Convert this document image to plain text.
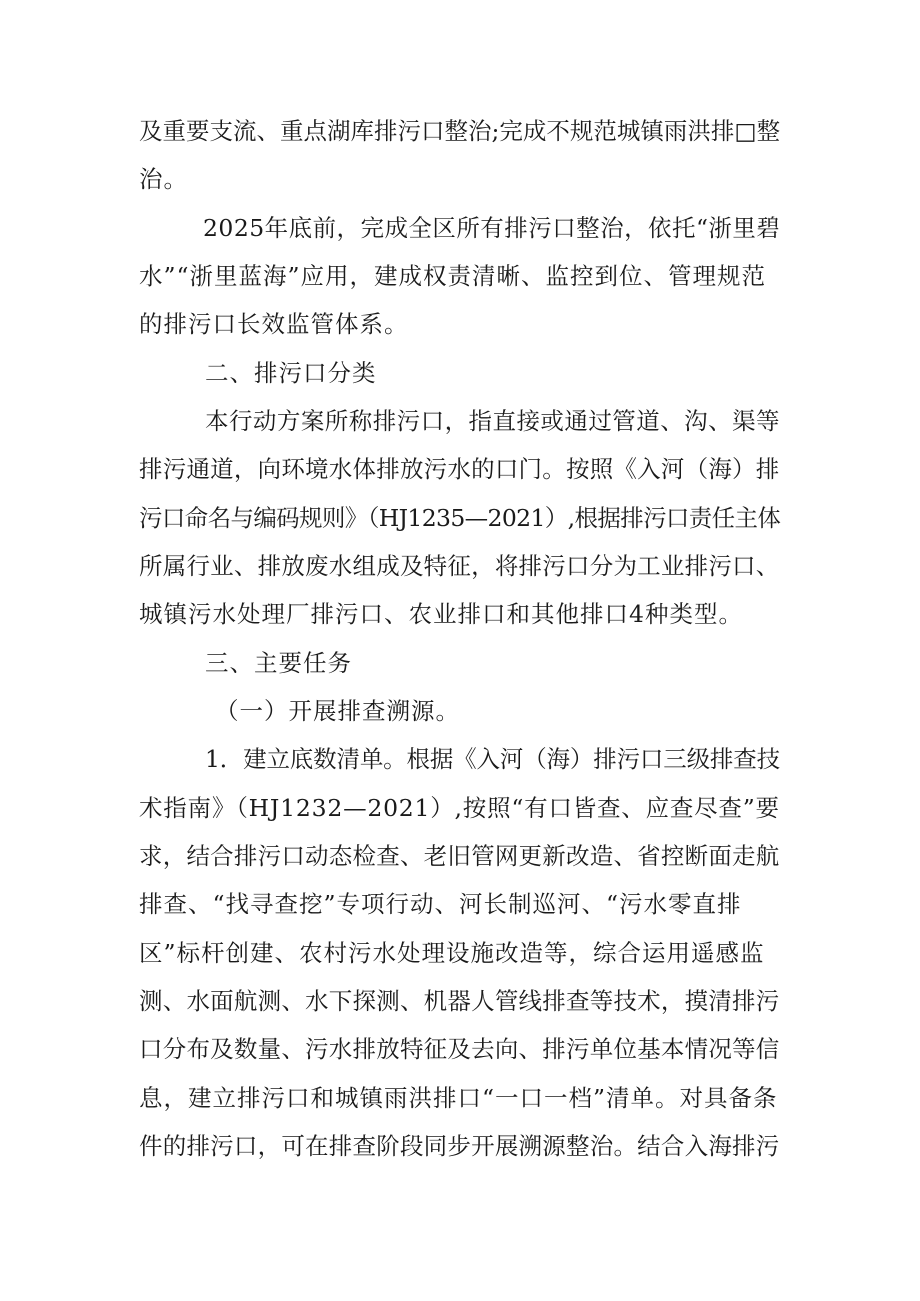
及重要支流、重点湖库排污口整治;完成不规范城镇雨洪排□整
治。
2025年底前，完成全区所有排污口整治，依托“浙里碧
水”“浙里蓝海”应用，建成权责清晰、监控到位、管理规范
的排污口长效监管体系。
二、排污口分类
本行动方案所称排污口，指直接或通过管道、沟、渠等
排污通道，向环境水体排放污水的口门。按照《入河（海）排
污口命名与编码规则》（HJ1235—2021）,根据排污口责任主体
所属行业、排放废水组成及特征，将排污口分为工业排污口、
城镇污水处理厂排污口、农业排口和其他排口4种类型。
三、主要任务
（一）开展排查溯源。
1．建立底数清单。根据《入河（海）排污口三级排查技
术指南》（HJ1232—2021）,按照“有口皆查、应查尽查”要
求，结合排污口动态检查、老旧管网更新改造、省控断面走航
排查、“找寻查挖”专项行动、河长制巡河、“污水零直排
区”标杆创建、农村污水处理设施改造等，综合运用遥感监
测、水面航测、水下探测、机器人管线排查等技术，摸清排污
口分布及数量、污水排放特征及去向、排污单位基本情况等信
息，建立排污口和城镇雨洪排口“一口一档”清单。对具备条
件的排污口，可在排查阶段同步开展溯源整治。结合入海排污
